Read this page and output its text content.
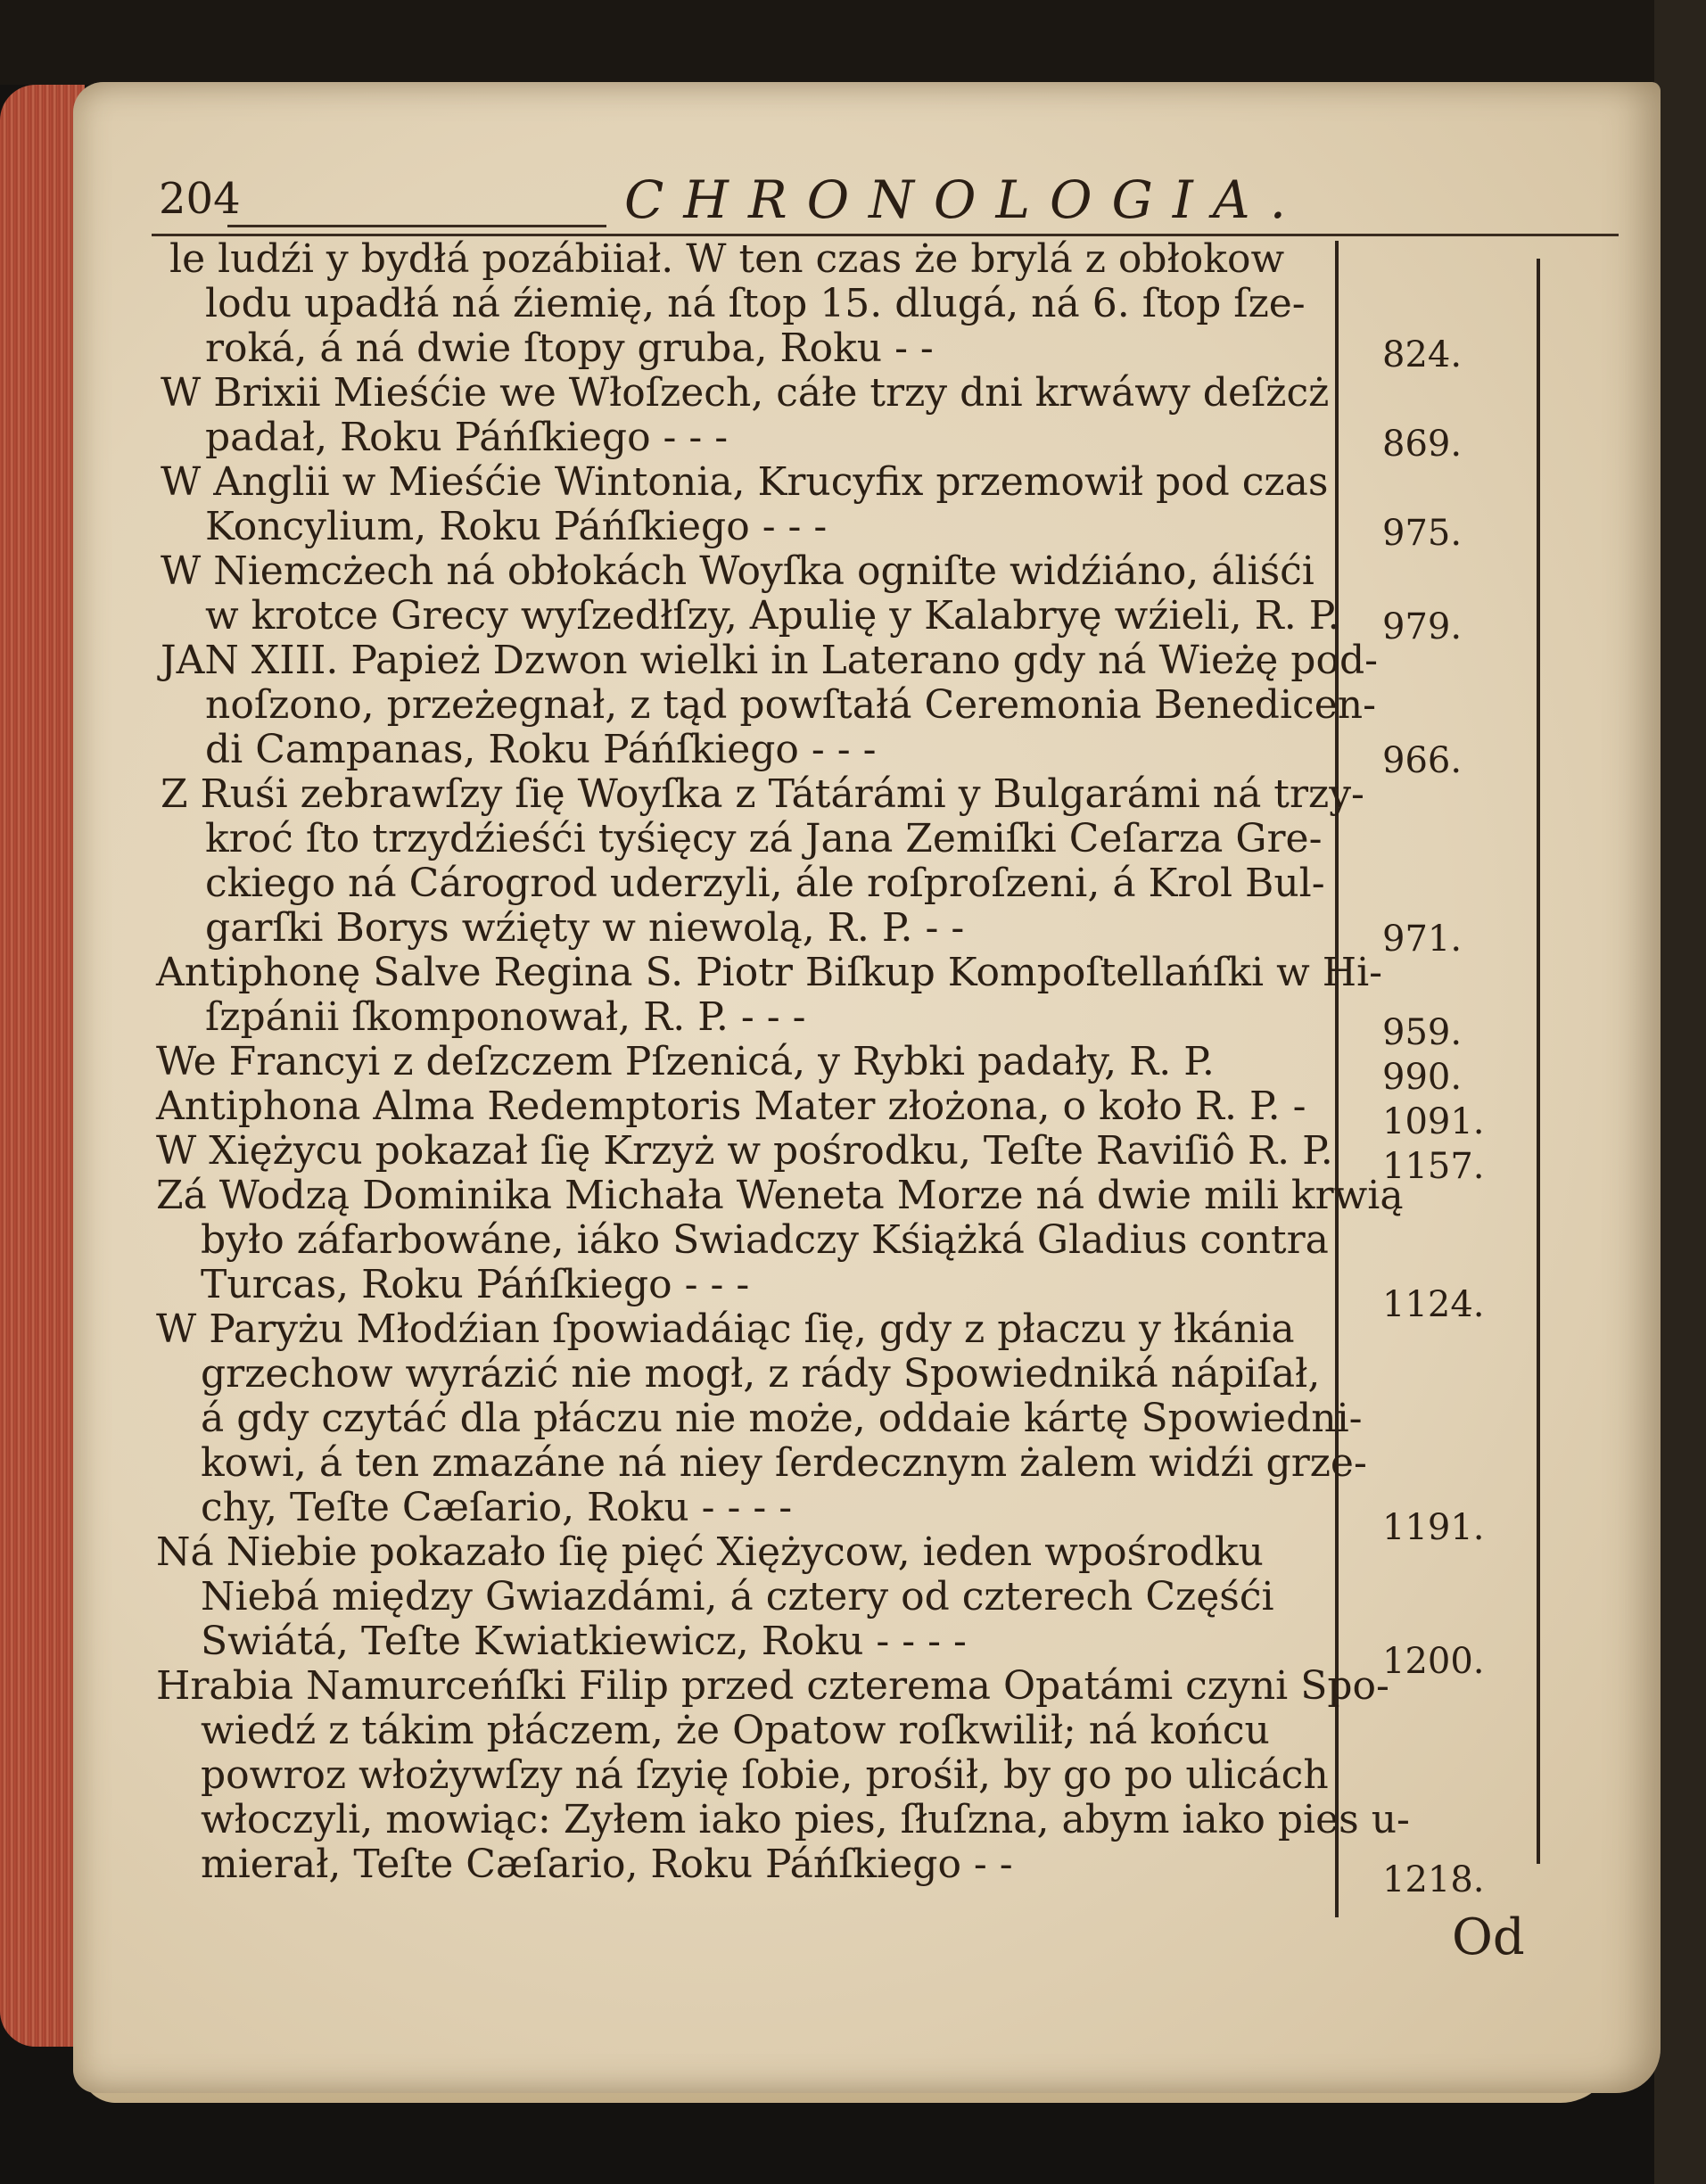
204	CHRONOLOGIA.
le ludźi y bydłá pozábiiał. W ten czas że brylá z obłokow
lodu upadłá ná źiemię, ná ſtop 15. dlugá, ná 6. ſtop ſze-
roká, á ná dwie ſtopy gruba, Roku - -
W Brixii Mieśćie we Włoſzech, cáłe trzy dni krwáwy deſżcż
padał, Roku Páńſkiego - - -
W Anglii w Mieśćie Wintonia, Krucyfix przemowił pod czas
Koncylium, Roku Páńſkiego - - -
W Niemcżech ná obłokách Woyſka ogniſte widźiáno, áliśći
w krotce Grecy wyſzedłſzy, Apulię y Kalabryę wźieli, R. P.
JAN XIII. Papież Dzwon wielki in Laterano gdy ná Wieżę pod-
noſzono, przeżegnał, z tąd powſtałá Ceremonia Benedicen-
di Campanas, Roku Páńſkiego - - -
Z Ruśi zebrawſzy ſię Woyſka z Tátárámi y Bulgarámi ná trzy-
kroć ſto trzydźieśći tyśięcy zá Jana Zemiſki Ceſarza Gre-
ckiego ná Cárogrod uderzyli, ále roſproſzeni, á Krol Bul-
garſki Borys wźięty w niewolą, R. P. - -
Antiphonę Salve Regina S. Piotr Biſkup Kompoſtellańſki w Hi-
ſzpánii ſkomponował, R. P. - - -
We Francyi z deſzczem Pſzenicá, y Rybki padały, R. P.
Antiphona Alma Redemptoris Mater złożona, o koło R. P. -
W Xiężycu pokazał ſię Krzyż w pośrodku, Teſte Raviſiô R. P.
Zá Wodzą Dominika Michała Weneta Morze ná dwie mili krwią
było záfarbowáne, iáko Swiadczy Kśiążká Gladius contra
Turcas, Roku Páńſkiego - - -
W Paryżu Młodźian ſpowiadáiąc ſię, gdy z płaczu y łkánia
grzechow wyrázić nie mogł, z rády Spowiedniká nápiſał,
á gdy czytáć dla płáczu nie może, oddaie kártę Spowiedni-
kowi, á ten zmazáne ná niey ſerdecznym żalem widźi grze-
chy, Teſte Cæſario, Roku - - - -
Ná Niebie pokazało ſię pięć Xiężycow, ieden wpośrodku
Niebá między Gwiazdámi, á cztery od czterech Częśći
Swiátá, Teſte Kwiatkiewicz, Roku - - - -
Hrabia Namurceńſki Filip przed czterema Opatámi czyni Spo-
wiedź z tákim płáczem, że Opatow roſkwilił; ná końcu
powroz włożywſzy ná ſzyię ſobie, prośił, by go po ulicách
włoczyli, mowiąc: Zyłem iako pies, ſłuſzna, abym iako pies u-
mierał, Teſte Cæſario, Roku Páńſkiego - -
824.
869.
975.
979.
966.
971.
959.
990.
1091.
1157.
1124.
1191.
1200.
1218.
Od
